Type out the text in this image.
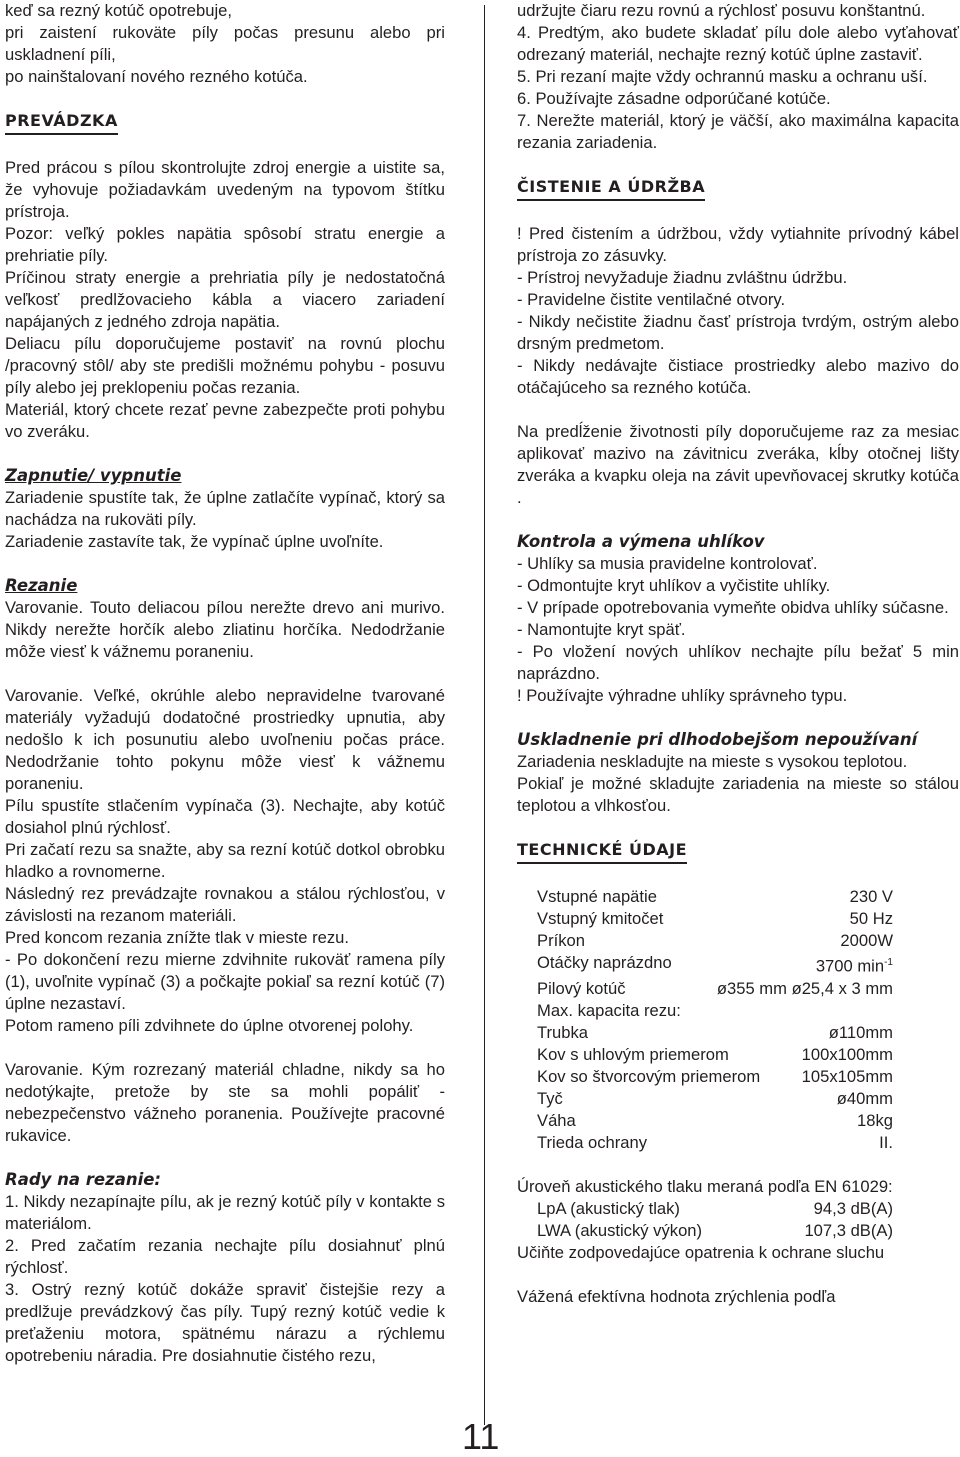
keď sa rezný kotúč opotrebuje,

pri zaistení rukoväte píly počas presunu alebo pri uskladnení píli,

po nainštalovaní nového rezného kotúča.

PREVÁDZKA

Pred prácou s pílou skontrolujte zdroj energie a uistite sa, že vyhovuje požiadavkám uvedeným na typovom štítku prístroja.

Pozor: veľký pokles napätia spôsobí stratu energie a prehriatie píly.

Príčinou straty energie a prehriatia píly je nedostatočná veľkosť predlžovacieho kábla a viacero zariadení napájaných z jedného zdroja napätia.

Deliacu pílu doporučujeme postaviť na rovnú plochu /pracovný stôl/ aby ste predišli možnému pohybu - posuvu píly alebo jej preklopeniu počas rezania.

Materiál, ktorý chcete rezať pevne zabezpečte proti pohybu vo zveráku.

Zapnutie/ vypnutie

Zariadenie spustíte tak, že úplne zatlačíte vypínač, ktorý sa nachádza na rukoväti píly.

Zariadenie zastavíte tak, že vypínač úplne uvoľníte.

Rezanie

Varovanie. Touto deliacou pílou nerežte drevo ani murivo. Nikdy nerežte horčík alebo zliatinu horčíka. Nedodržanie môže viesť k vážnemu poraneniu.

Varovanie. Veľké, okrúhle alebo nepravidelne tvarované materiály vyžadujú dodatočné prostriedky upnutia, aby nedošlo k ich posunutiu alebo uvoľneniu počas práce. Nedodržanie tohto pokynu môže viesť k vážnemu poraneniu.

Pílu spustíte stlačením vypínača (3). Nechajte, aby kotúč dosiahol plnú rýchlosť.

Pri začatí rezu sa snažte, aby sa rezní kotúč dotkol obrobku hladko a rovnomerne.

Následný rez prevádzajte rovnakou a stálou rýchlosťou, v závislosti na rezanom materiáli.

Pred koncom rezania znížte tlak v mieste rezu.

- Po dokončení rezu mierne zdvihnite rukoväť ramena píly (1), uvoľnite vypínač (3) a počkajte pokiaľ sa rezní kotúč (7) úplne nezastaví.

Potom rameno píli zdvihnete do úplne otvorenej polohy.

Varovanie. Kým rozrezaný materiál chladne, nikdy sa ho nedotýkajte, pretože by ste sa mohli popáliť - nebezpečenstvo vážneho poranenia. Používejte pracovné rukavice.

Rady na rezanie:

1. Nikdy nezapínajte pílu, ak je rezný kotúč píly v kontakte s materiálom.

2. Pred začatím rezania nechajte pílu dosiahnuť plnú rýchlosť.

3. Ostrý rezný kotúč dokáže spraviť čistejšie rezy a predlžuje prevádzkový čas píly. Tupý rezný kotúč vedie k preťaženiu motora, spätnému nárazu a rýchlemu opotrebeniu náradia. Pre dosiahnutie čistého rezu,

udržujte čiaru rezu rovnú a rýchlosť posuvu konštantnú.

4. Predtým, ako budete skladať pílu dole alebo vyťahovať odrezaný materiál, nechajte rezný kotúč úplne zastaviť.

5. Pri rezaní majte vždy ochrannú masku a ochranu uší.

6. Používajte zásadne odporúčané kotúče.

7. Nerežte materiál, ktorý je väčší, ako maximálna kapacita rezania zariadenia.

ČISTENIE A ÚDRŽBA

! Pred čistením a údržbou, vždy vytiahnite prívodný kábel prístroja zo zásuvky.

- Prístroj nevyžaduje žiadnu zvláštnu údržbu.

- Pravidelne čistite ventilačné otvory.

- Nikdy nečistite žiadnu časť prístroja tvrdým, ostrým alebo drsným predmetom.

- Nikdy nedávajte čistiace prostriedky alebo mazivo do otáčajúceho sa rezného kotúča.

Na predĺženie životnosti píly doporučujeme raz za mesiac aplikovať mazivo na závitnicu zveráka, kĺby otočnej lišty zveráka a kvapku oleja na závit upevňovacej skrutky kotúča .

Kontrola a výmena uhlíkov

- Uhlíky sa musia pravidelne kontrolovať.

- Odmontujte kryt uhlíkov a vyčistite uhlíky.

- V prípade opotrebovania vymeňte obidva uhlíky súčasne.

- Namontujte kryt späť.

- Po vložení nových uhlíkov nechajte pílu bežať 5 min naprázdno.

! Používajte výhradne uhlíky správneho typu.

Uskladnenie pri dlhodobejšom nepoužívaní

Zariadenia neskladujte na mieste s vysokou teplotou.

Pokiaľ je možné skladujte zariadenia na mieste so stálou teplotou a vlhkosťou.

TECHNICKÉ ÚDAJE
Vstupné napätie	230 V
Vstupný kmitočet	50 Hz
Príkon	2000W
Otáčky naprázdno	3700 $\min^{-1}$
Pilový kotúč	ø355 mm ø25,4 x 3 mm
Max. kapacita rezu:
Trubka	ø110mm
Kov s uhlovým priemerom	100x100mm
Kov so štvorcovým priemerom	105x105mm
Tyč	ø40mm
Váha	18kg
Trieda ochrany	II.

Úroveň akustického tlaku meraná podľa EN 61029:

LpA (akustický tlak)	94,3 dB(A)
LWA (akustický výkon)	107,3 dB(A)

Učiňte zodpovedajúce opatrenia k ochrane sluchu

Vážená efektívna hodnota zrýchlenia podľa

11
